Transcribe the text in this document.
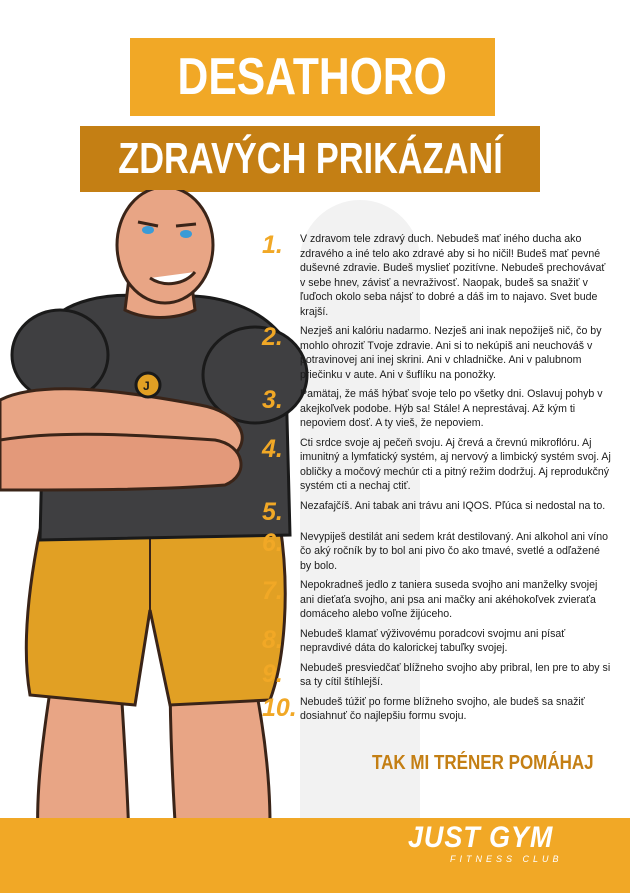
DESATHORO
ZDRAVÝCH PRIKÁZANÍ
J
1.	V zdravom tele zdravý duch. Nebudeš mať iného ducha ako zdravého a iné telo ako zdravé aby si ho ničil! Budeš mať pevné duševné zdravie. Budeš myslieť pozitívne. Nebudeš prechovávať v sebe hnev, závisť a nevraživosť. Naopak, budeš sa snažiť v ľuďoch okolo seba nájsť to dobré a dáš im to najavo. Svet bude krajší.
2.	Nezješ ani kalóriu nadarmo. Nezješ ani inak nepožiješ nič, čo by mohlo ohroziť Tvoje zdravie. Ani si to nekúpiš ani neuchováš v potravinovej ani inej skrini. Ani v chladničke. Ani v palubnom priečinku v aute. Ani v šuflíku na ponožky.
3.	Pamätaj, že máš hýbať svoje telo po všetky dni. Oslavuj pohyb v akejkoľvek podobe. Hýb sa! Stále! A neprestávaj. Až kým ti nepoviem dosť. A ty vieš, že nepoviem.
4.	Cti srdce svoje aj pečeň svoju. Aj črevá a črevnú mikroflóru. Aj imunitný a lymfatický systém, aj nervový a limbický systém svoj. Aj obličky a močový mechúr cti a pitný režim dodržuj. Aj reprodukčný systém cti a nechaj ctiť.
5.	Nezafajčíš. Ani tabak ani trávu ani IQOS. Pľúca si nedostal na to.
6.	Nevypiješ destilát ani sedem krát destilovaný. Ani alkohol ani víno čo aký ročník by to bol ani pivo čo ako tmavé, svetlé a odľažené by bolo.
7.	Nepokradneš jedlo z taniera suseda svojho ani manželky svojej ani dieťaťa svojho, ani psa ani mačky ani akéhokoľvek zvieraťa domáceho alebo voľne žijúceho.
8.	Nebudeš klamať výživovému poradcovi svojmu ani písať nepravdivé dáta do kalorickej tabuľky svojej.
9.	Nebudeš presviedčať blížneho svojho aby pribral, len pre to aby si sa ty cítil štíhlejší.
10. Nebudeš túžiť po forme blížneho svojho, ale budeš sa snažiť dosiahnuť čo najlepšiu formu svoju.
TAK MI TRÉNER POMÁHAJ
JUST GYM
FITNESS CLUB
